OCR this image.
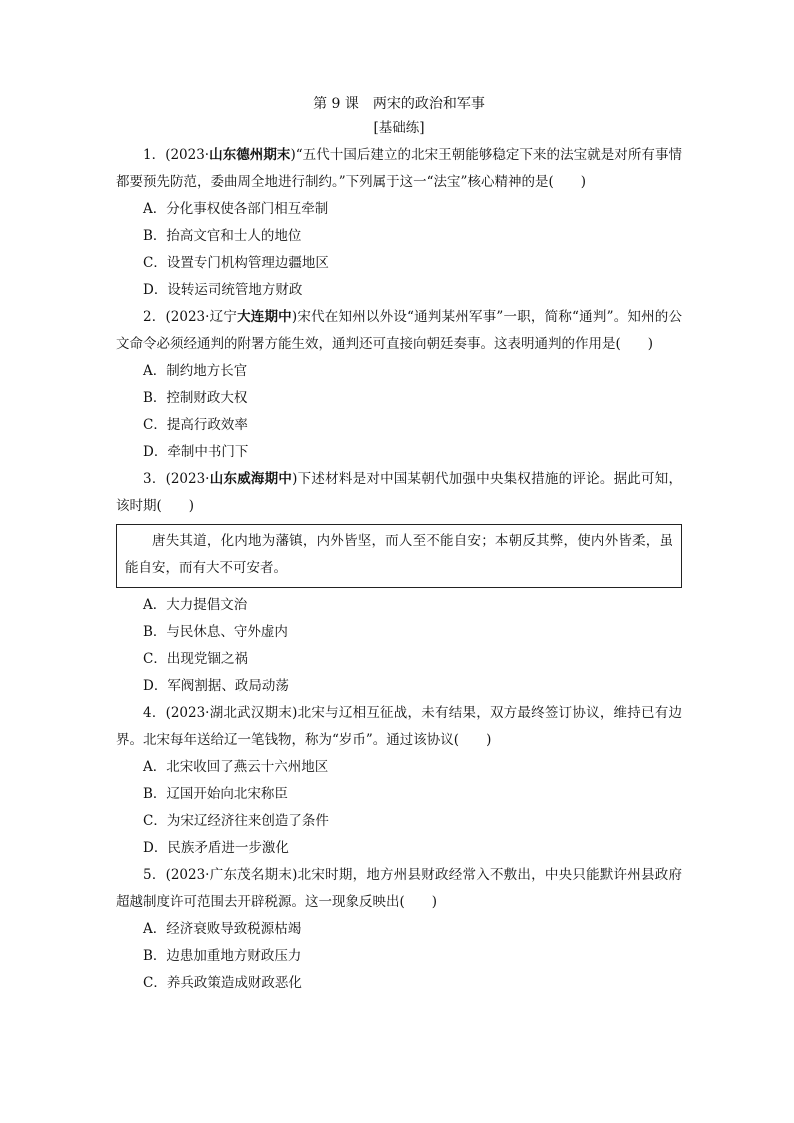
第 9 课　两宋的政治和军事
[基础练]
1．(2023·山东德州期末)“五代十国后建立的北宋王朝能够稳定下来的法宝就是对所有事情都要预先防范，委曲周全地进行制约。”下列属于这一“法宝”核心精神的是(　　)
A．分化事权使各部门相互牵制
B．抬高文官和士人的地位
C．设置专门机构管理边疆地区
D．设转运司统管地方财政
2．(2023·辽宁大连期中)宋代在知州以外设“通判某州军事”一职，简称“通判”。知州的公文命令必须经通判的附署方能生效，通判还可直接向朝廷奏事。这表明通判的作用是(　　)
A．制约地方长官
B．控制财政大权
C．提高行政效率
D．牵制中书门下
3．(2023·山东威海期中)下述材料是对中国某朝代加强中央集权措施的评论。据此可知，该时期(　　)
唐失其道，化内地为藩镇，内外皆坚，而人至不能自安；本朝反其弊，使内外皆柔，虽能自安，而有大不可安者。
A．大力提倡文治
B．与民休息、守外虚内
C．出现党锢之祸
D．军阀割据、政局动荡
4．(2023·湖北武汉期末)北宋与辽相互征战，未有结果，双方最终签订协议，维持已有边界。北宋每年送给辽一笔钱物，称为“岁币”。通过该协议(　　)
A．北宋收回了燕云十六州地区
B．辽国开始向北宋称臣
C．为宋辽经济往来创造了条件
D．民族矛盾进一步激化
5．(2023·广东茂名期末)北宋时期，地方州县财政经常入不敷出，中央只能默许州县政府超越制度许可范围去开辟税源。这一现象反映出(　　)
A．经济衰败导致税源枯竭
B．边患加重地方财政压力
C．养兵政策造成财政恶化
